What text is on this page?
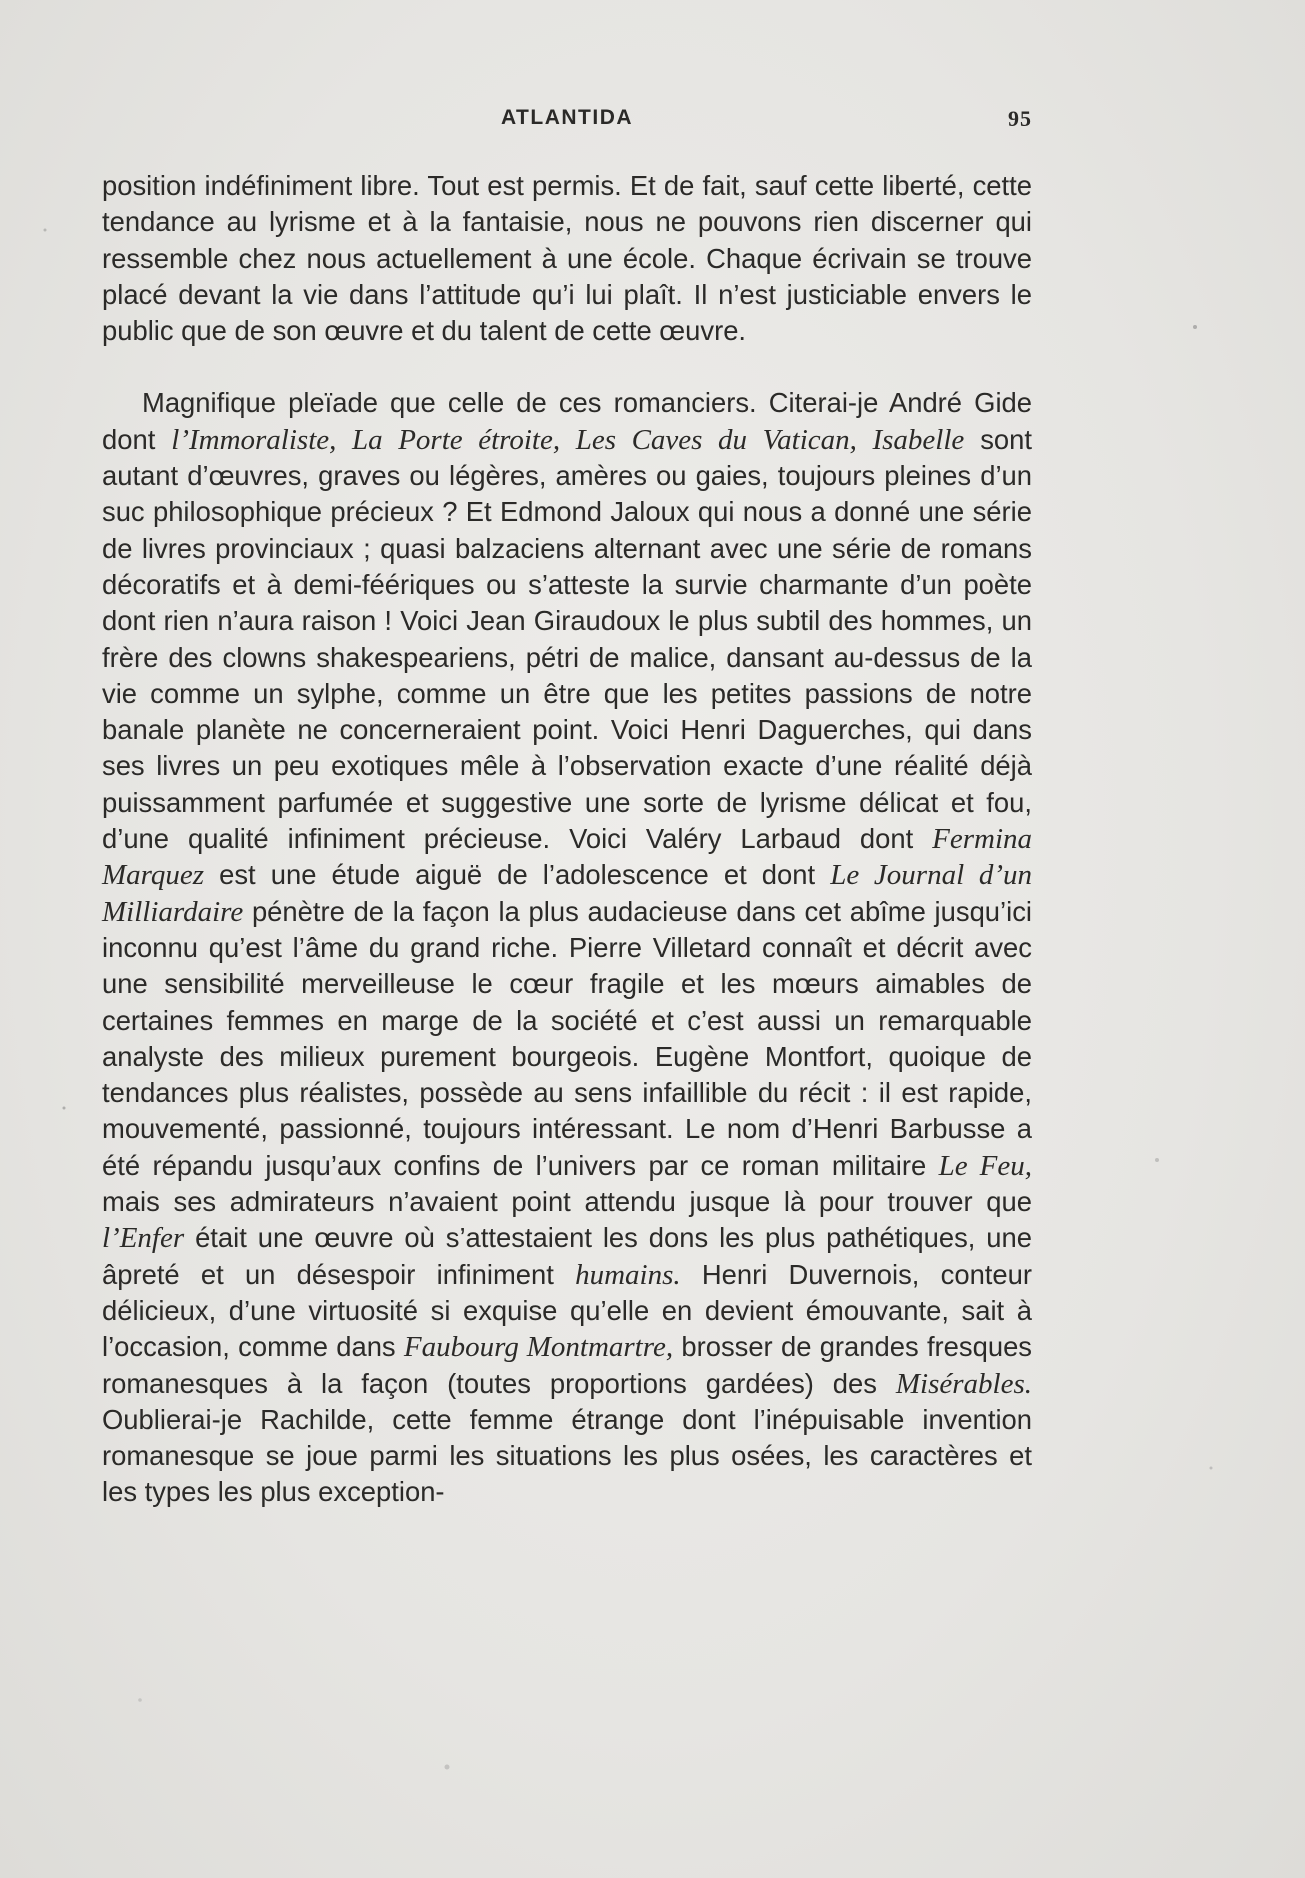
ATLANTIDA	95

position indéfiniment libre. Tout est permis. Et de fait, sauf cette liberté, cette tendance au lyrisme et à la fantaisie, nous ne pouvons rien discerner qui ressemble chez nous actuellement à une école. Chaque écrivain se trouve placé devant la vie dans l’attitude qu’i lui plaît. Il n’est justiciable envers le public que de son œuvre et du talent de cette œuvre.

Magnifique pleïade que celle de ces romanciers. Citerai-je André Gide dont l’Immoraliste, La Porte étroite, Les Caves du Vatican, Isabelle sont autant d’œuvres, graves ou légères, amères ou gaies, toujours pleines d’un suc philosophique précieux ? Et Edmond Jaloux qui nous a donné une série de livres provinciaux ; quasi balzaciens alternant avec une série de romans décoratifs et à demi-féériques ou s’atteste la survie charmante d’un poète dont rien n’aura raison ! Voici Jean Giraudoux le plus subtil des hommes, un frère des clowns shakespeariens, pétri de malice, dansant au-dessus de la vie comme un sylphe, comme un être que les petites passions de notre banale planète ne concerneraient point. Voici Henri Daguerches, qui dans ses livres un peu exotiques mêle à l’observation exacte d’une réalité déjà puissamment parfumée et suggestive une sorte de lyrisme délicat et fou, d’une qualité infiniment précieuse. Voici Valéry Larbaud dont Fermina Marquez est une étude aiguë de l’adolescence et dont Le Journal d’un Milliardaire pénètre de la façon la plus audacieuse dans cet abîme jusqu’ici inconnu qu’est l’âme du grand riche. Pierre Villetard connaît et décrit avec une sensibilité merveilleuse le cœur fragile et les mœurs aimables de certaines femmes en marge de la société et c’est aussi un remarquable analyste des milieux purement bourgeois. Eugène Montfort, quoique de tendances plus réalistes, possède au sens infaillible du récit : il est rapide, mouvementé, passionné, toujours intéressant. Le nom d’Henri Barbusse a été répandu jusqu’aux confins de l’univers par ce roman militaire Le Feu, mais ses admirateurs n’avaient point attendu jusque là pour trouver que l’Enfer était une œuvre où s’attestaient les dons les plus pathétiques, une âpreté et un désespoir infiniment humains. Henri Duvernois, conteur délicieux, d’une virtuosité si exquise qu’elle en devient émouvante, sait à l’occasion, comme dans Faubourg Montmartre, brosser de grandes fresques romanesques à la façon (toutes proportions gardées) des Misérables. Oublierai-je Rachilde, cette femme étrange dont l’inépuisable invention romanesque se joue parmi les situations les plus osées, les caractères et les types les plus exception-
